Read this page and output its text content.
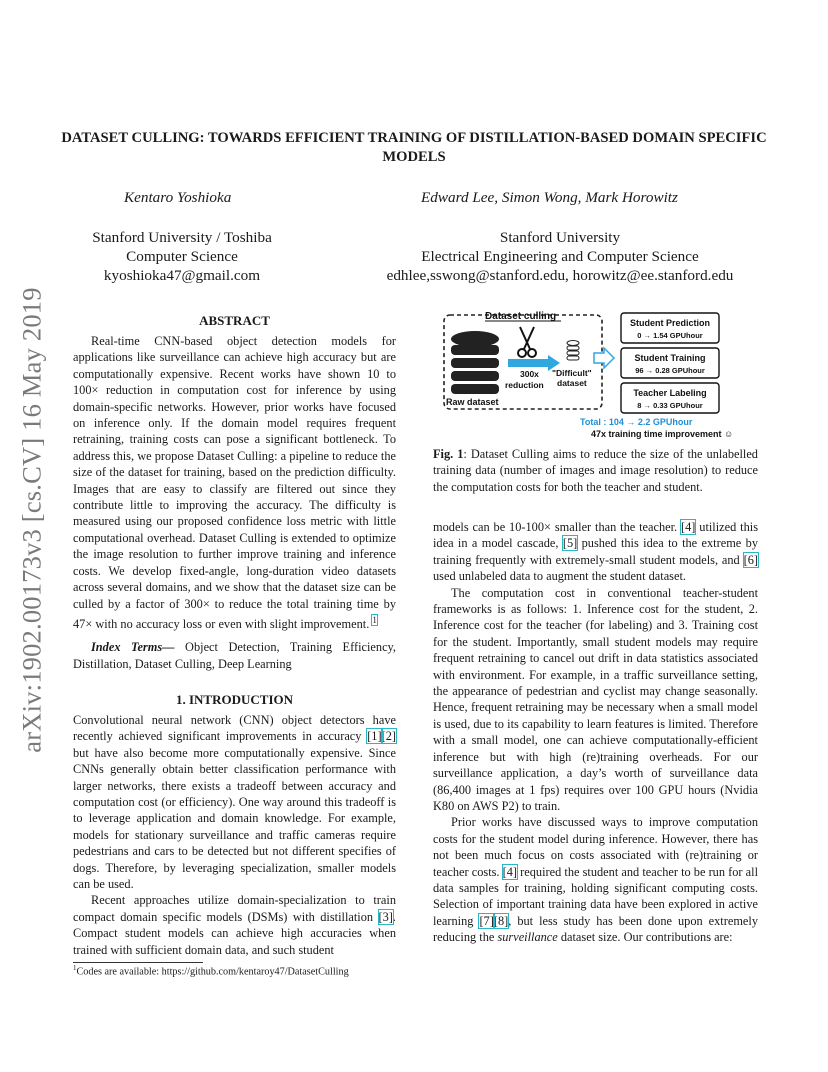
arXiv:1902.00173v3 [cs.CV] 16 May 2019
DATASET CULLING: TOWARDS EFFICIENT TRAINING OF DISTILLATION-BASED DOMAIN SPECIFIC MODELS
Kentaro Yoshioka	Edward Lee, Simon Wong, Mark Horowitz
Stanford University / Toshiba
Computer Science
kyoshioka47@gmail.com
Stanford University
Electrical Engineering and Computer Science
edhlee,sswong@stanford.edu, horowitz@ee.stanford.edu
ABSTRACT

Real-time CNN-based object detection models for applications like surveillance can achieve high accuracy but are computationally expensive. Recent works have shown 10 to 100× reduction in computation cost for inference by using domain-specific networks. However, prior works have focused on inference only. If the domain model requires frequent retraining, training costs can pose a significant bottleneck. To address this, we propose Dataset Culling: a pipeline to reduce the size of the dataset for training, based on the prediction difficulty. Images that are easy to classify are filtered out since they contribute little to improving the accuracy. The difficulty is measured using our proposed confidence loss metric with little computational overhead. Dataset Culling is extended to optimize the image resolution to further improve training and inference costs. We develop fixed-angle, long-duration video datasets across several domains, and we show that the dataset size can be culled by a factor of 300× to reduce the total training time by 47× with no accuracy loss or even with slight improvement. $^1$

Index Terms— Object Detection, Training Efficiency, Distillation, Dataset Culling, Deep Learning

1. INTRODUCTION

Convolutional neural network (CNN) object detectors have recently achieved significant improvements in accuracy [1][2] but have also become more computationally expensive. Since CNNs generally obtain better classification performance with larger networks, there exists a tradeoff between accuracy and computation cost (or efficiency). One way around this tradeoff is to leverage application and domain knowledge. For example, models for stationary surveillance and traffic cameras require pedestrians and cars to be detected but not different specifies of dogs. Therefore, by leveraging specialization, smaller models can be used.

Recent approaches utilize domain-specialization to train compact domain specific models (DSMs) with distillation [3]. Compact student models can achieve high accuracies when trained with sufficient domain data, and such student

$^1$Codes are available: https://github.com/kentaroy47/DatasetCulling
Dataset culling
Raw dataset
300x
reduction
"Difficult"
dataset
Student Prediction
0 → 1.54 GPUhour
Student Training
96 → 0.28 GPUhour
Teacher Labeling
8 → 0.33 GPUhour
Total : 104 → 2.2 GPUhour
47x training time improvement ☺
Fig. 1: Dataset Culling aims to reduce the size of the unlabelled training data (number of images and image resolution) to reduce the computation costs for both the teacher and student.

models can be 10-100× smaller than the teacher. [4] utilized this idea in a model cascade, [5] pushed this idea to the extreme by training frequently with extremely-small student models, and [6] used unlabeled data to augment the student dataset.

The computation cost in conventional teacher-student frameworks is as follows: 1. Inference cost for the student, 2. Inference cost for the teacher (for labeling) and 3. Training cost for the student. Importantly, small student models may require frequent retraining to cancel out drift in data statistics associated with environment. For example, in a traffic surveillance setting, the appearance of pedestrian and cyclist may change seasonally. Hence, frequent retraining may be necessary when a small model is used, due to its capability to learn features is limited. Therefore with a small model, one can achieve computationally-efficient inference but with high (re)training overheads. For our surveillance application, a day’s worth of surveillance data (86,400 images at 1 fps) requires over 100 GPU hours (Nvidia K80 on AWS P2) to train.

Prior works have discussed ways to improve computation costs for the student model during inference. However, there has not been much focus on costs associated with (re)training or teacher costs. [4] required the student and teacher to be run for all data samples for training, holding significant computing costs. Selection of important training data have been explored in active learning [7][8], but less study has been done upon extremely reducing the surveillance dataset size. Our contributions are:
